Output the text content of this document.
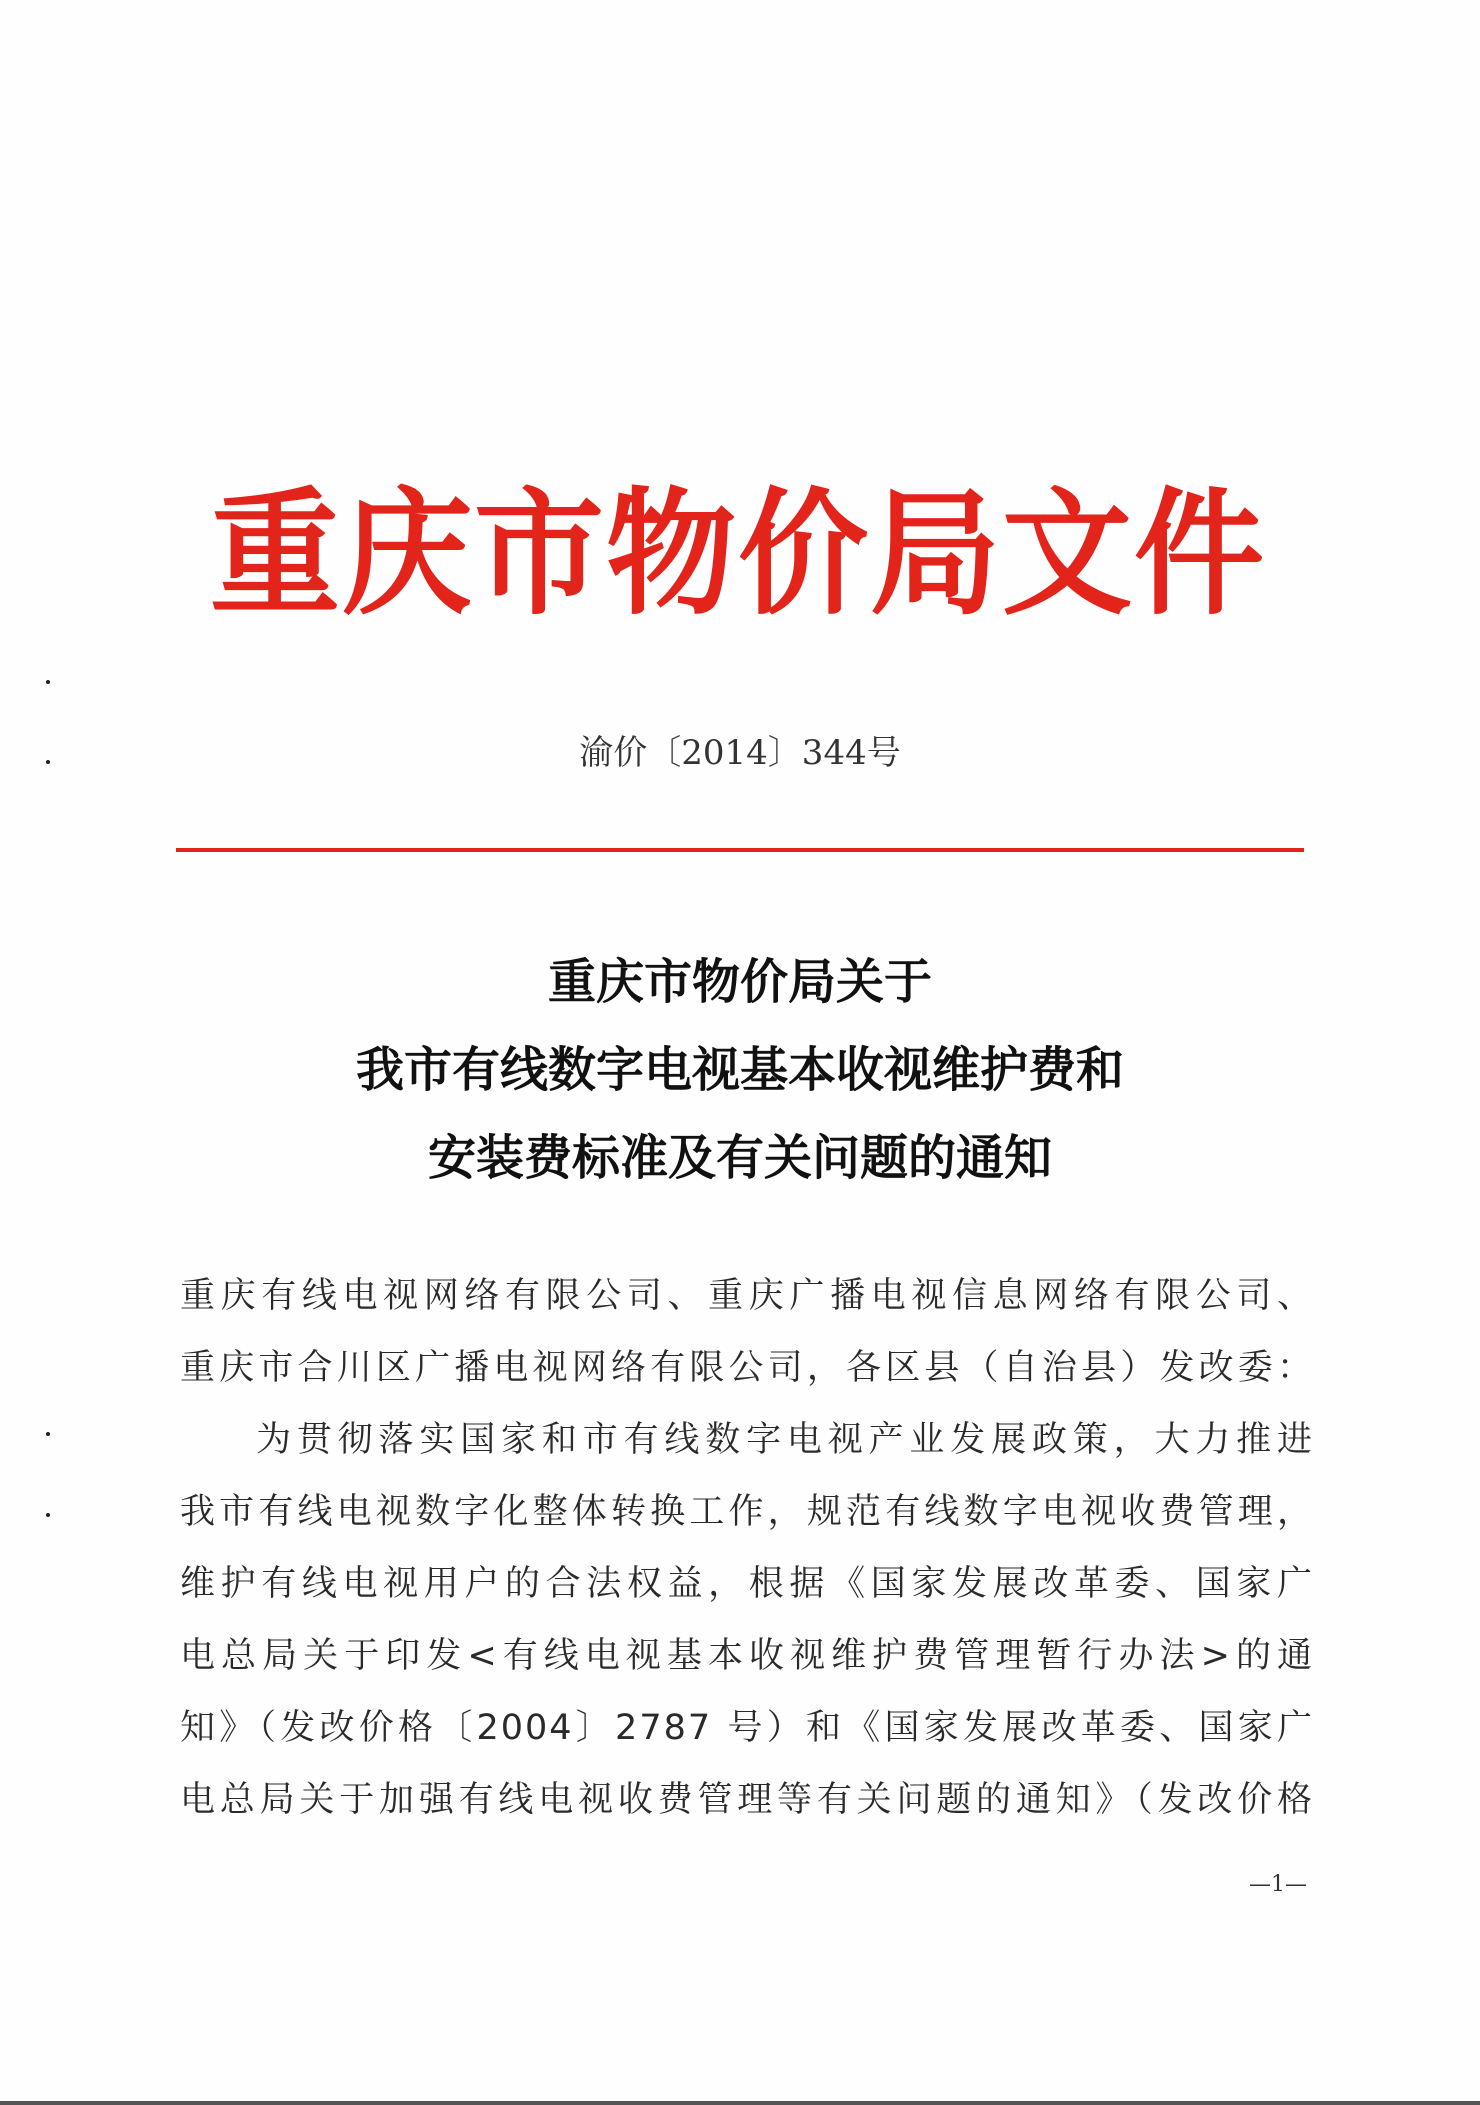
重庆市物价局文件
渝价〔2014〕344号
重庆市物价局关于
我市有线数字电视基本收视维护费和
安装费标准及有关问题的通知
重庆有线电视网络有限公司、重庆广播电视信息网络有限公司、
重庆市合川区广播电视网络有限公司，各区县（自治县）发改委：
为贯彻落实国家和市有线数字电视产业发展政策，大力推进
我市有线电视数字化整体转换工作，规范有线数字电视收费管理，
维护有线电视用户的合法权益，根据《国家发展改革委、国家广
电总局关于印发<有线电视基本收视维护费管理暂行办法>的通
知》（发改价格〔2004〕2787 号）和《国家发展改革委、国家广
电总局关于加强有线电视收费管理等有关问题的通知》（发改价格
—1—
